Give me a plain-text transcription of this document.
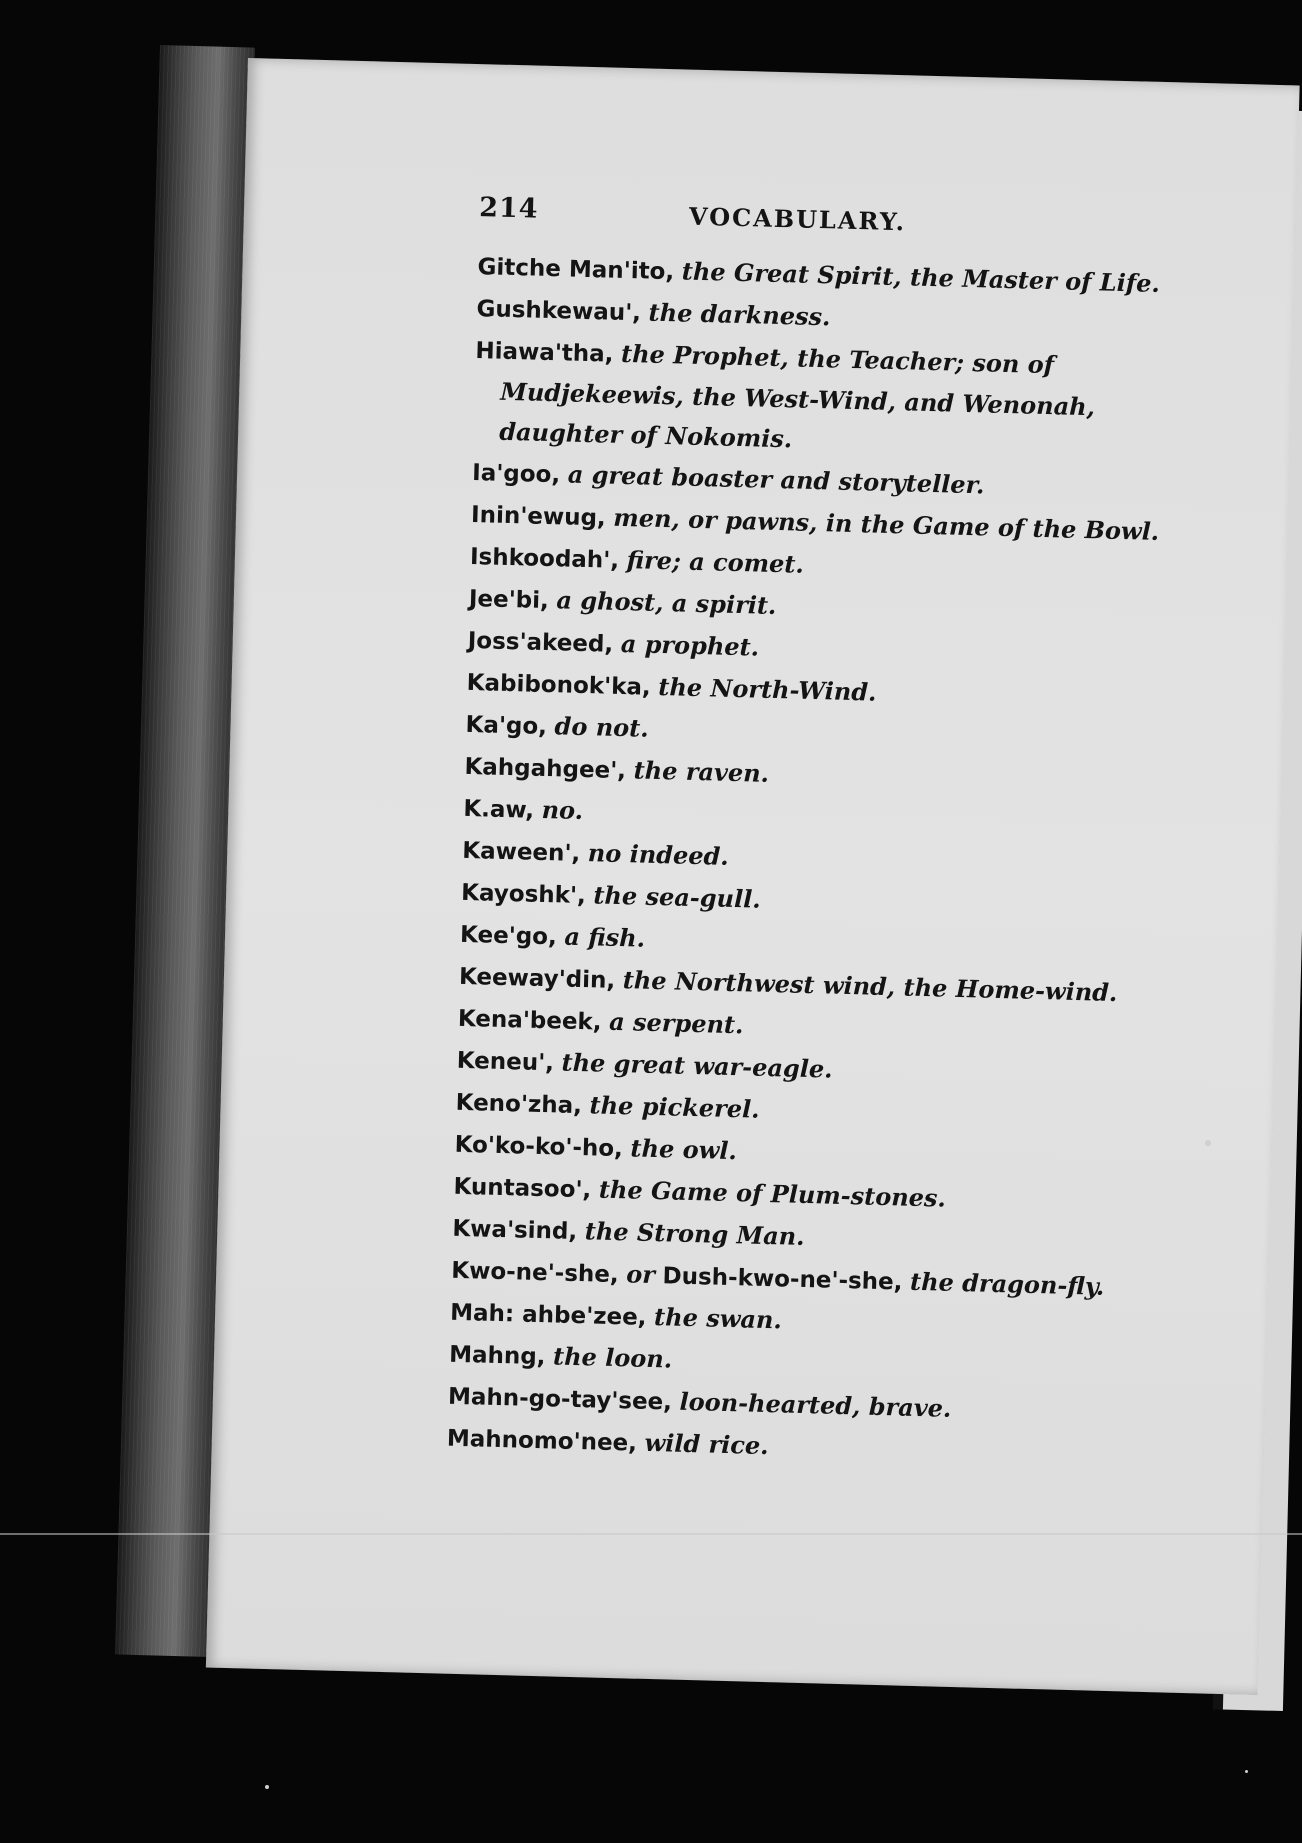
214	VOCABULARY.
Gitche Man'ito, the Great Spirit, the Master of Life.
Gushkewau', the darkness.
Hiawa'tha, the Prophet, the Teacher; son of Mudjekeewis, the West-Wind, and Wenonah, daughter of Nokomis.
Ia'goo, a great boaster and storyteller.
Inin'ewug, men, or pawns, in the Game of the Bowl.
Ishkoodah', fire; a comet.
Jee'bi, a ghost, a spirit.
Joss'akeed, a prophet.
Kabibonok'ka, the North-Wind.
Ka'go, do not.
Kahgahgee', the raven.
K.aw, no.
Kaween', no indeed.
Kayoshk', the sea-gull.
Kee'go, a fish.
Keeway'din, the Northwest wind, the Home-wind.
Kena'beek, a serpent.
Keneu', the great war-eagle.
Keno'zha, the pickerel.
Ko'ko-ko'-ho, the owl.
Kuntasoo', the Game of Plum-stones.
Kwa'sind, the Strong Man.
Kwo-ne'-she, or Dush-kwo-ne'-she, the dragon-fly.
Mah: ahbe'zee, the swan.
Mahng, the loon.
Mahn-go-tay'see, loon-hearted, brave.
Mahnomo'nee, wild rice.
